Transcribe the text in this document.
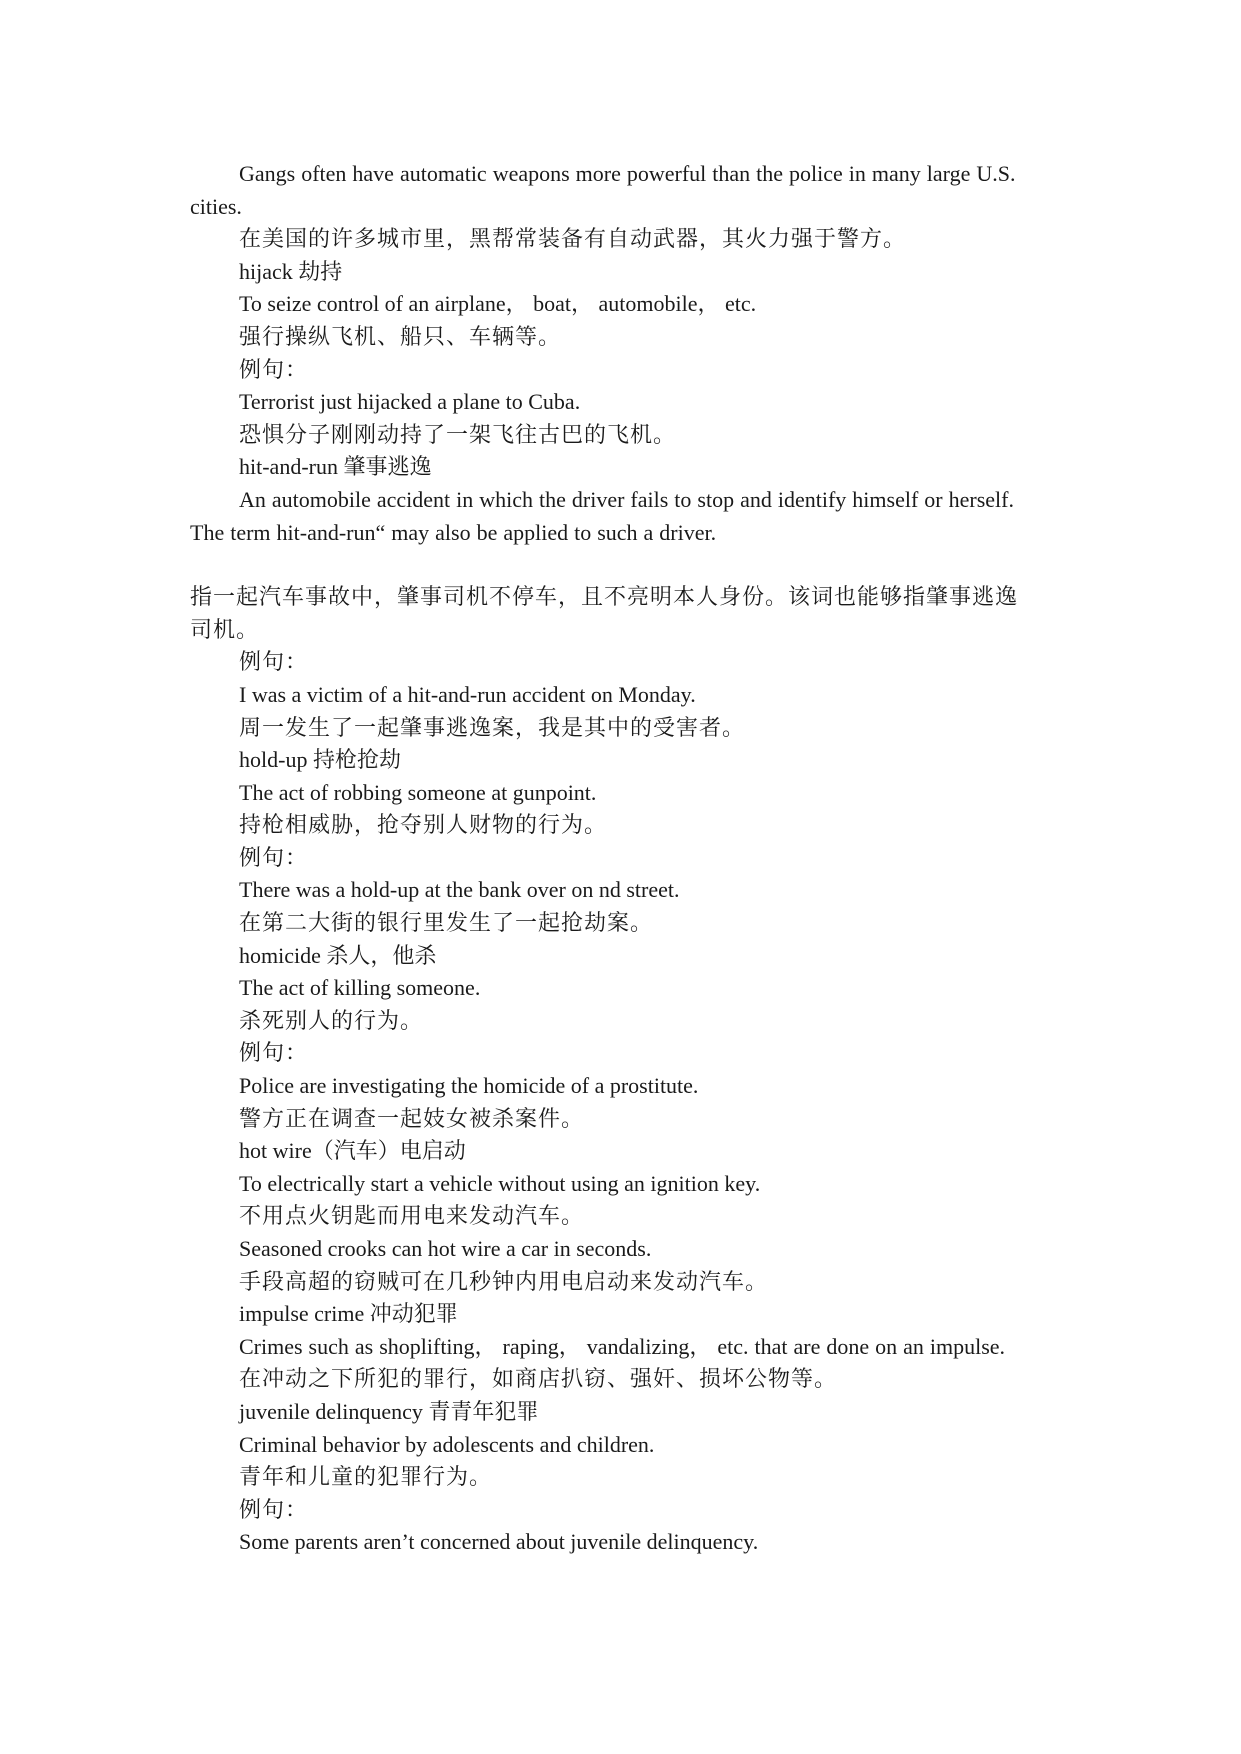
Gangs often have automatic weapons more powerful than the police in many large U.S. cities.
在美国的许多城市里，黑帮常装备有自动武器，其火力强于警方。
hijack 劫持
To seize control of an airplane， boat， automobile， etc.
强行操纵飞机、船只、车辆等。
例句：
Terrorist just hijacked a plane to Cuba.
恐惧分子刚刚动持了一架飞往古巴的飞机。
hit-and-run 肇事逃逸
An automobile accident in which the driver fails to stop and identify himself or herself. The term hit-and-run“ may also be applied to such a driver.
指一起汽车事故中，肇事司机不停车，且不亮明本人身份。该词也能够指肇事逃逸司机。
例句：
I was a victim of a hit-and-run accident on Monday.
周一发生了一起肇事逃逸案，我是其中的受害者。
hold-up 持枪抢劫
The act of robbing someone at gunpoint.
持枪相威胁，抢夺别人财物的行为。
例句：
There was a hold-up at the bank over on nd street.
在第二大街的银行里发生了一起抢劫案。
homicide 杀人，他杀
The act of killing someone.
杀死别人的行为。
例句：
Police are investigating the homicide of a prostitute.
警方正在调查一起妓女被杀案件。
hot wire（汽车）电启动
To electrically start a vehicle without using an ignition key.
不用点火钥匙而用电来发动汽车。
Seasoned crooks can hot wire a car in seconds.
手段高超的窃贼可在几秒钟内用电启动来发动汽车。
impulse crime 冲动犯罪
Crimes such as shoplifting， raping， vandalizing， etc. that are done on an impulse.
在冲动之下所犯的罪行，如商店扒窃、强奸、损坏公物等。
juvenile delinquency 青青年犯罪
Criminal behavior by adolescents and children.
青年和儿童的犯罪行为。
例句：
Some parents aren’t concerned about juvenile delinquency.
